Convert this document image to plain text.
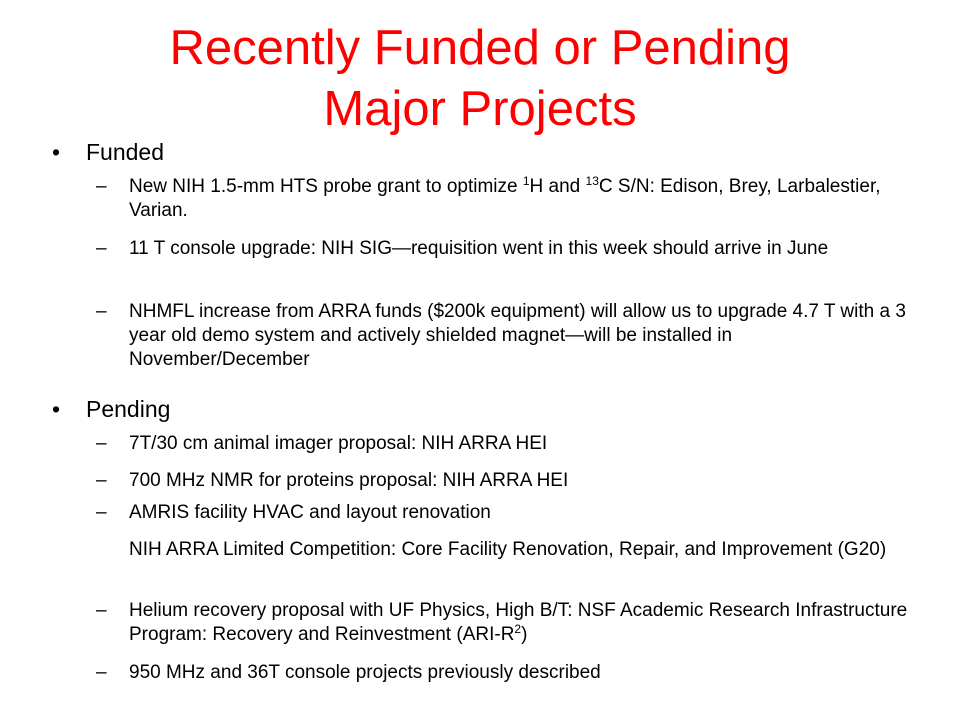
Recently Funded or Pending
Major Projects
• Funded
– New NIH 1.5-mm HTS probe grant to optimize $^1$H and $^{13}$C S/N: Edison, Brey, Larbalestier, Varian.
– 11 T console upgrade: NIH SIG—requisition went in this week should arrive in June
– NHMFL increase from ARRA funds ($200k equipment) will allow us to upgrade 4.7 T with a 3 year old demo system and actively shielded magnet—will be installed in November/December
• Pending
– 7T/30 cm animal imager proposal: NIH ARRA HEI
– 700 MHz NMR for proteins proposal: NIH ARRA HEI
– AMRIS facility HVAC and layout renovation
NIH ARRA Limited Competition: Core Facility Renovation, Repair, and Improvement (G20)
– Helium recovery proposal with UF Physics, High B/T: NSF Academic Research Infrastructure Program: Recovery and Reinvestment $(ARI-R^2)$
– 950 MHz and 36T console projects previously described
